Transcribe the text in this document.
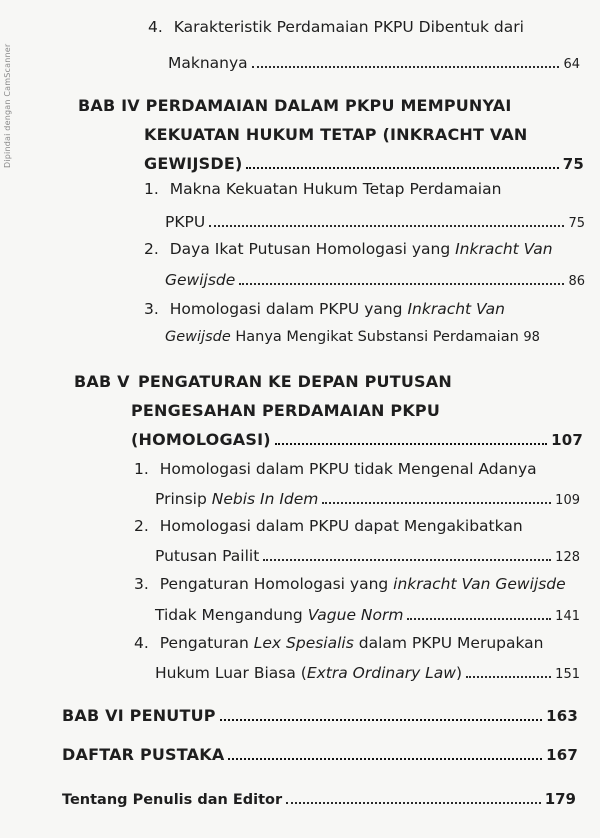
Dipindai dengan CamScanner
4. Karakteristik Perdamaian PKPU Dibentuk dari
Maknanya	64
BAB IV PERDAMAIAN DALAM PKPU MEMPUNYAI
KEKUATAN HUKUM TETAP (INKRACHT VAN
GEWIJSDE)	75
1. Makna Kekuatan Hukum Tetap Perdamaian
PKPU	75
2. Daya Ikat Putusan Homologasi yang Inkracht Van
Gewijsde	86
3. Homologasi dalam PKPU yang Inkracht Van
Gewijsde Hanya Mengikat Substansi Perdamaian 98
BAB V PENGATURAN KE DEPAN PUTUSAN
PENGESAHAN PERDAMAIAN PKPU
(HOMOLOGASI)	107
1. Homologasi dalam PKPU tidak Mengenal Adanya
Prinsip Nebis In Idem	109
2. Homologasi dalam PKPU dapat Mengakibatkan
Putusan Pailit	128
3. Pengaturan Homologasi yang inkracht Van Gewijsde
Tidak Mengandung Vague Norm	141
4. Pengaturan Lex Spesialis dalam PKPU Merupakan
Hukum Luar Biasa (Extra Ordinary Law)	151
BAB VI PENUTUP	163
DAFTAR PUSTAKA	167
Tentang Penulis dan Editor	179
